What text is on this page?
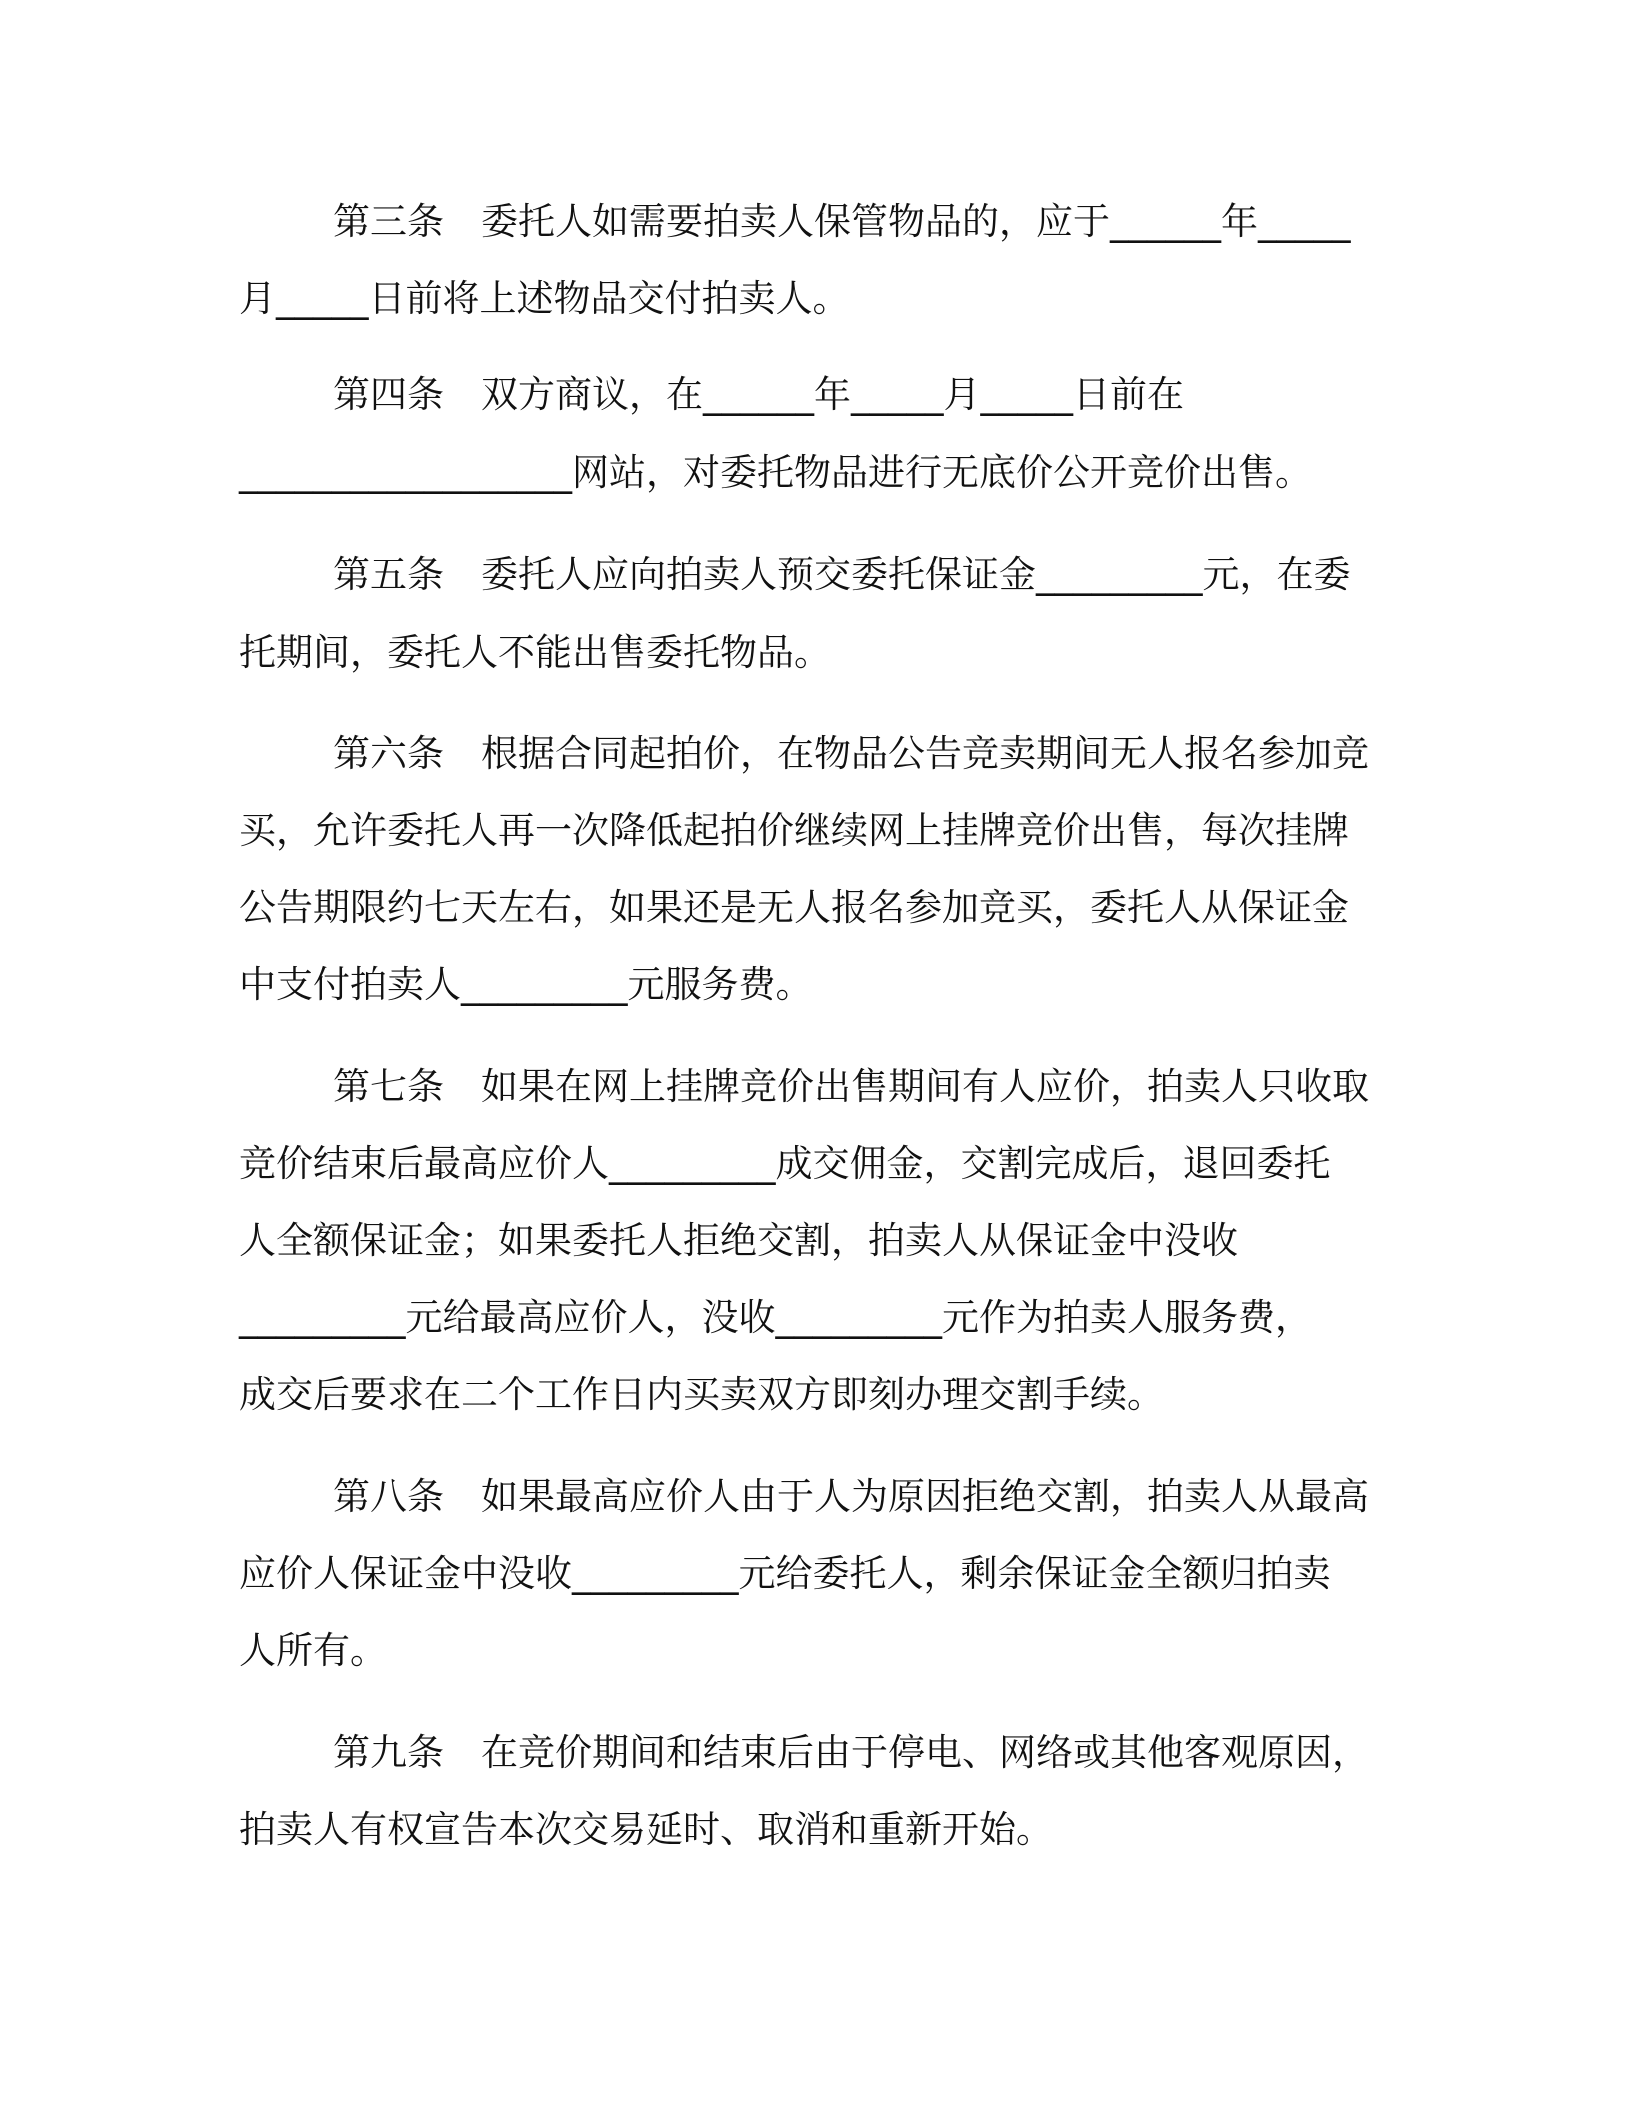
第三条　委托人如需要拍卖人保管物品的，应于______年_____
月_____日前将上述物品交付拍卖人。
第四条　双方商议，在______年_____月_____日前在
__________________网站，对委托物品进行无底价公开竞价出售。
第五条　委托人应向拍卖人预交委托保证金_________元，在委
托期间，委托人不能出售委托物品。
第六条　根据合同起拍价，在物品公告竞卖期间无人报名参加竞
买，允许委托人再一次降低起拍价继续网上挂牌竞价出售，每次挂牌
公告期限约七天左右，如果还是无人报名参加竞买，委托人从保证金
中支付拍卖人_________元服务费。
第七条　如果在网上挂牌竞价出售期间有人应价，拍卖人只收取
竞价结束后最高应价人_________成交佣金，交割完成后，退回委托
人全额保证金；如果委托人拒绝交割，拍卖人从保证金中没收
_________元给最高应价人，没收_________元作为拍卖人服务费，
成交后要求在二个工作日内买卖双方即刻办理交割手续。
第八条　如果最高应价人由于人为原因拒绝交割，拍卖人从最高
应价人保证金中没收_________元给委托人，剩余保证金全额归拍卖
人所有。
第九条　在竞价期间和结束后由于停电、网络或其他客观原因，
拍卖人有权宣告本次交易延时、取消和重新开始。
